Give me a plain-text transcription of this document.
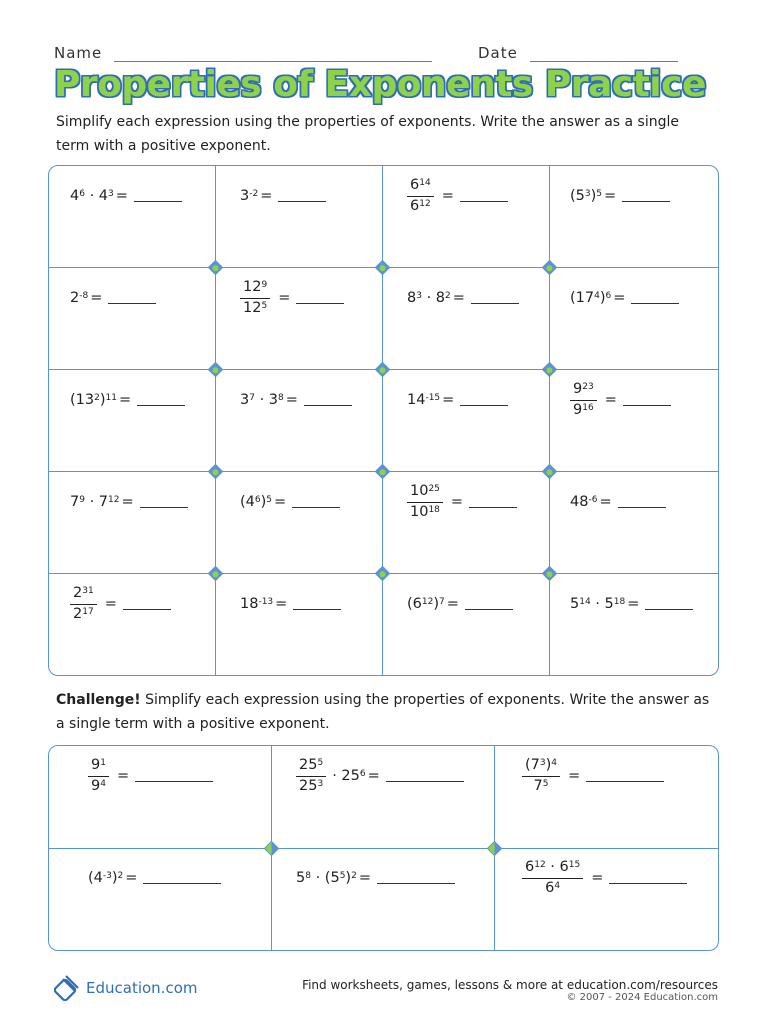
Name	Date
Properties of Exponents Practice
Simplify each expression using the properties of exponents. Write the answer as a single term with a positive exponent.
$4^6 \cdot 4^3$ =	$3^{-2}$ =	$\frac{6^{14}}{6^{12}}$ =	$(5^3)^5$ =
$2^{-8}$ =	$\frac{12^9}{12^5}$ =	$8^3 \cdot 8^2$ =	$(17^4)^6$ =
$(13^2)^{11}$ =	$3^7 \cdot 3^8$ =	$14^{-15}$ =	$\frac{9^{23}}{9^{16}}$ =
$7^9 \cdot 7^{12}$ =	$(4^6)^5$ =	$\frac{10^{25}}{10^{18}}$ =	$48^{-6}$ =
$\frac{2^{31}}{2^{17}}$ =	$18^{-13}$ =	$(6^{12})^7$ =	$5^{14} \cdot 5^{18}$ =
Challenge! Simplify each expression using the properties of exponents. Write the answer as a single term with a positive exponent.
$\frac{9^1}{9^4}$ =	$\frac{25^5}{25^3} \cdot 25^6$ =	$\frac{(7^3)^4}{7^5}$ =
$(4^{-3})^2$ =	$5^8 \cdot (5^5)^2$ =	$\frac{6^{12} \cdot 6^{15}}{6^4}$ =
Education.com	Find worksheets, games, lessons & more at education.com/resources
© 2007 - 2024 Education.com
